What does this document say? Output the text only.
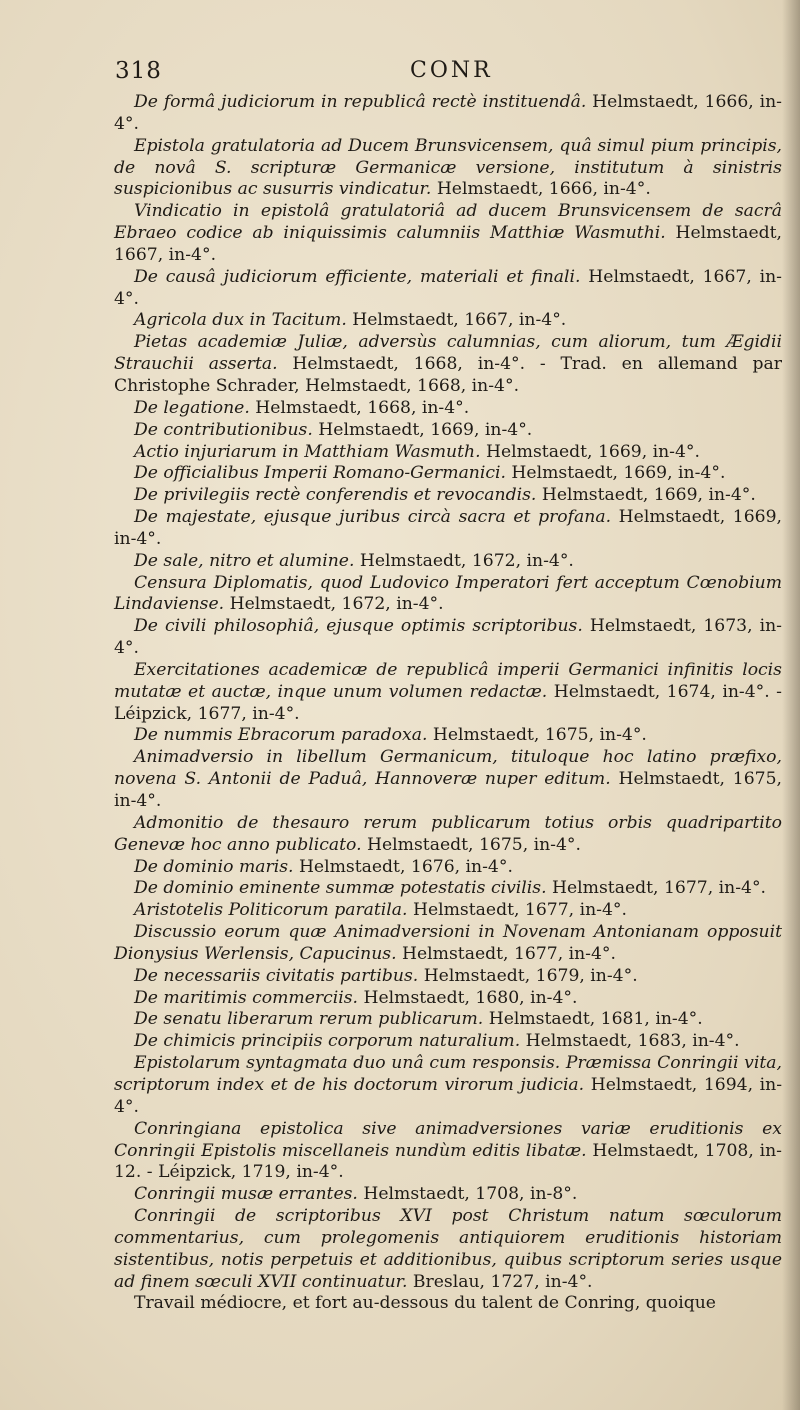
318	CONR

De formâ judiciorum in republicâ rectè instituendâ. Helmstaedt, 1666, in-4°.

Epistola gratulatoria ad Ducem Brunsvicensem, quâ simul pium principis, de novâ S. scripturæ Germanicæ versione, institutum à sinistris suspicionibus ac susurris vindicatur. Helmstaedt, 1666, in-4°.

Vindicatio in epistolâ gratulatoriâ ad ducem Brunsvicensem de sacrâ Ebraeo codice ab iniquissimis calumniis Matthiæ Wasmuthi. Helmstaedt, 1667, in-4°.

De causâ judiciorum efficiente, materiali et finali. Helmstaedt, 1667, in-4°.

Agricola dux in Tacitum. Helmstaedt, 1667, in-4°.

Pietas academiæ Juliæ, adversùs calumnias, cum aliorum, tum Ægidii Strauchii asserta. Helmstaedt, 1668, in-4°. - Trad. en allemand par Christophe Schrader, Helmstaedt, 1668, in-4°.

De legatione. Helmstaedt, 1668, in-4°.

De contributionibus. Helmstaedt, 1669, in-4°.

Actio injuriarum in Matthiam Wasmuth. Helmstaedt, 1669, in-4°.

De officialibus Imperii Romano-Germanici. Helmstaedt, 1669, in-4°.

De privilegiis rectè conferendis et revocandis. Helmstaedt, 1669, in-4°.

De majestate, ejusque juribus circà sacra et profana. Helmstaedt, 1669, in-4°.

De sale, nitro et alumine. Helmstaedt, 1672, in-4°.

Censura Diplomatis, quod Ludovico Imperatori fert acceptum Cœnobium Lindaviense. Helmstaedt, 1672, in-4°.

De civili philosophiâ, ejusque optimis scriptoribus. Helmstaedt, 1673, in-4°.

Exercitationes academicæ de republicâ imperii Germanici infinitis locis mutatæ et auctæ, inque unum volumen redactæ. Helmstaedt, 1674, in-4°. - Léipzick, 1677, in-4°.

De nummis Ebracorum paradoxa. Helmstaedt, 1675, in-4°.

Animadversio in libellum Germanicum, tituloque hoc latino præfixo, novena S. Antonii de Paduâ, Hannoveræ nuper editum. Helmstaedt, 1675, in-4°.

Admonitio de thesauro rerum publicarum totius orbis quadripartito Genevæ hoc anno publicato. Helmstaedt, 1675, in-4°.

De dominio maris. Helmstaedt, 1676, in-4°.

De dominio eminente summæ potestatis civilis. Helmstaedt, 1677, in-4°.

Aristotelis Politicorum paratila. Helmstaedt, 1677, in-4°.

Discussio eorum quæ Animadversioni in Novenam Antonianam opposuit Dionysius Werlensis, Capucinus. Helmstaedt, 1677, in-4°.

De necessariis civitatis partibus. Helmstaedt, 1679, in-4°.

De maritimis commerciis. Helmstaedt, 1680, in-4°.

De senatu liberarum rerum publicarum. Helmstaedt, 1681, in-4°.

De chimicis principiis corporum naturalium. Helmstaedt, 1683, in-4°.

Epistolarum syntagmata duo unâ cum responsis. Præmissa Conringii vita, scriptorum index et de his doctorum virorum judicia. Helmstaedt, 1694, in-4°.

Conringiana epistolica sive animadversiones variæ eruditionis ex Conringii Epistolis miscellaneis nundùm editis libatæ. Helmstaedt, 1708, in-12. - Léipzick, 1719, in-4°.

Conringii musæ errantes. Helmstaedt, 1708, in-8°.

Conringii de scriptoribus XVI post Christum natum sœculorum commentarius, cum prolegomenis antiquiorem eruditionis historiam sistentibus, notis perpetuis et additionibus, quibus scriptorum series usque ad finem sœculi XVII continuatur. Breslau, 1727, in-4°.

Travail médiocre, et fort au-dessous du talent de Conring, quoique
